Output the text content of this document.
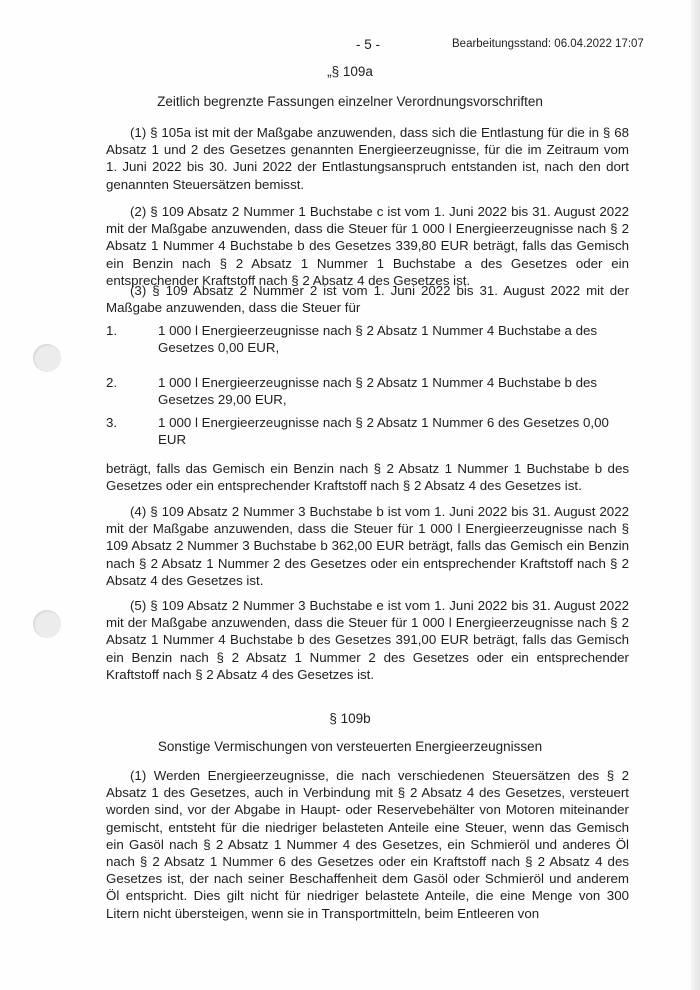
- 5 -	Bearbeitungsstand: 06.04.2022 17:07
„§ 109a
Zeitlich begrenzte Fassungen einzelner Verordnungsvorschriften
(1) § 105a ist mit der Maßgabe anzuwenden, dass sich die Entlastung für die in § 68 Absatz 1 und 2 des Gesetzes genannten Energieerzeugnisse, für die im Zeitraum vom 1. Juni 2022 bis 30. Juni 2022 der Entlastungsanspruch entstanden ist, nach den dort genannten Steuersätzen bemisst.
(2) § 109 Absatz 2 Nummer 1 Buchstabe c ist vom 1. Juni 2022 bis 31. August 2022 mit der Maßgabe anzuwenden, dass die Steuer für 1 000 l Energieerzeugnisse nach § 2 Absatz 1 Nummer 4 Buchstabe b des Gesetzes 339,80 EUR beträgt, falls das Gemisch ein Benzin nach § 2 Absatz 1 Nummer 1 Buchstabe a des Gesetzes oder ein entsprechender Kraftstoff nach § 2 Absatz 4 des Gesetzes ist.
(3) § 109 Absatz 2 Nummer 2 ist vom 1. Juni 2022 bis 31. August 2022 mit der Maßgabe anzuwenden, dass die Steuer für
1.	1 000 l Energieerzeugnisse nach § 2 Absatz 1 Nummer 4 Buchstabe a des Gesetzes 0,00 EUR,
2.	1 000 l Energieerzeugnisse nach § 2 Absatz 1 Nummer 4 Buchstabe b des Gesetzes 29,00 EUR,
3.	1 000 l Energieerzeugnisse nach § 2 Absatz 1 Nummer 6 des Gesetzes 0,00 EUR
beträgt, falls das Gemisch ein Benzin nach § 2 Absatz 1 Nummer 1 Buchstabe b des Gesetzes oder ein entsprechender Kraftstoff nach § 2 Absatz 4 des Gesetzes ist.
(4) § 109 Absatz 2 Nummer 3 Buchstabe b ist vom 1. Juni 2022 bis 31. August 2022 mit der Maßgabe anzuwenden, dass die Steuer für 1 000 l Energieerzeugnisse nach § 109 Absatz 2 Nummer 3 Buchstabe b 362,00 EUR beträgt, falls das Gemisch ein Benzin nach § 2 Absatz 1 Nummer 2 des Gesetzes oder ein entsprechender Kraftstoff nach § 2 Absatz 4 des Gesetzes ist.
(5) § 109 Absatz 2 Nummer 3 Buchstabe e ist vom 1. Juni 2022 bis 31. August 2022 mit der Maßgabe anzuwenden, dass die Steuer für 1 000 l Energieerzeugnisse nach § 2 Absatz 1 Nummer 4 Buchstabe b des Gesetzes 391,00 EUR beträgt, falls das Gemisch ein Benzin nach § 2 Absatz 1 Nummer 2 des Gesetzes oder ein entsprechender Kraftstoff nach § 2 Absatz 4 des Gesetzes ist.
§ 109b
Sonstige Vermischungen von versteuerten Energieerzeugnissen
(1) Werden Energieerzeugnisse, die nach verschiedenen Steuersätzen des § 2 Absatz 1 des Gesetzes, auch in Verbindung mit § 2 Absatz 4 des Gesetzes, versteuert worden sind, vor der Abgabe in Haupt- oder Reservebehälter von Motoren miteinander gemischt, entsteht für die niedriger belasteten Anteile eine Steuer, wenn das Gemisch ein Gasöl nach § 2 Absatz 1 Nummer 4 des Gesetzes, ein Schmieröl und anderes Öl nach § 2 Absatz 1 Nummer 6 des Gesetzes oder ein Kraftstoff nach § 2 Absatz 4 des Gesetzes ist, der nach seiner Beschaffenheit dem Gasöl oder Schmieröl und anderem Öl entspricht. Dies gilt nicht für niedriger belastete Anteile, die eine Menge von 300 Litern nicht übersteigen, wenn sie in Transportmitteln, beim Entleeren von
